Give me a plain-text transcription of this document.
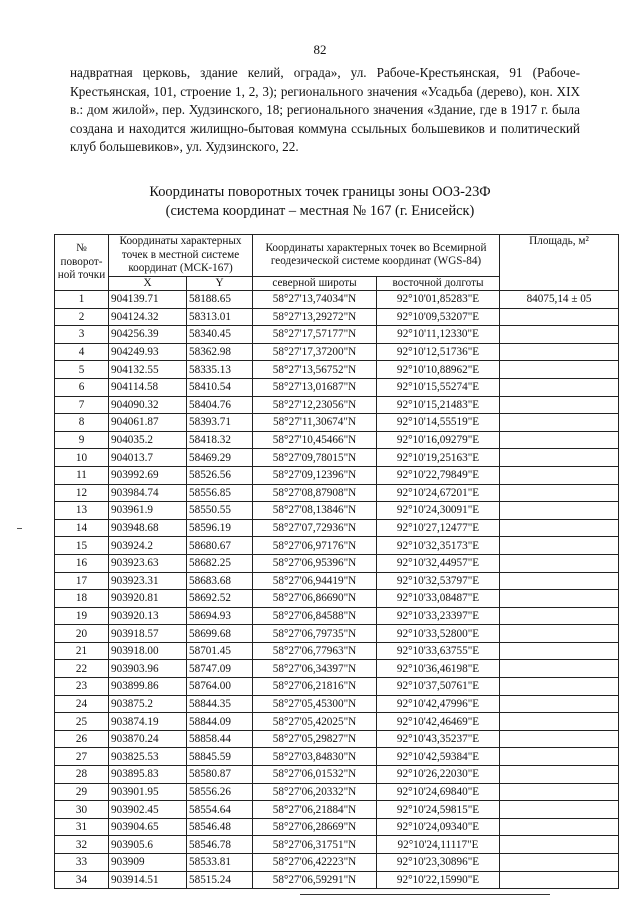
82

надвратная церковь, здание келий, ограда», ул. Рабоче-Крестьянская, 91 (Рабоче-Крестьянская, 101, строение 1, 2, 3); регионального значения «Усадьба (дерево), кон. XIX в.: дом жилой», пер. Худзинского, 18; регионального значения «Здание, где в 1917 г. была создана и находится жилищно-бытовая коммуна ссыльных большевиков и политический клуб большевиков», ул. Худзинского, 22.

Координаты поворотных точек границы зоны ООЗ-23Ф
(система координат – местная № 167 (г. Енисейск)
№ поворот-ной точки	Координаты характерных точек в местной системе координат (МСК-167)		Координаты характерных точек во Всемирной геодезической системе координат (WGS-84)		Площадь, м²
	X	Y	северной широты	восточной долготы	
1	904139.71	58188.65	58°27'13,74034"N	92°10'01,85283"E	84075,14 ± 05
2	904124.32	58313.01	58°27'13,29272"N	92°10'09,53207"E	
3	904256.39	58340.45	58°27'17,57177"N	92°10'11,12330"E	
4	904249.93	58362.98	58°27'17,37200"N	92°10'12,51736"E	
5	904132.55	58335.13	58°27'13,56752"N	92°10'10,88962"E	
6	904114.58	58410.54	58°27'13,01687"N	92°10'15,55274"E	
7	904090.32	58404.76	58°27'12,23056"N	92°10'15,21483"E	
8	904061.87	58393.71	58°27'11,30674"N	92°10'14,55519"E	
9	904035.2	58418.32	58°27'10,45466"N	92°10'16,09279"E	
10	904013.7	58469.29	58°27'09,78015"N	92°10'19,25163"E	
11	903992.69	58526.56	58°27'09,12396"N	92°10'22,79849"E	
12	903984.74	58556.85	58°27'08,87908"N	92°10'24,67201"E	
13	903961.9	58550.55	58°27'08,13846"N	92°10'24,30091"E	
14	903948.68	58596.19	58°27'07,72936"N	92°10'27,12477"E	
15	903924.2	58680.67	58°27'06,97176"N	92°10'32,35173"E	
16	903923.63	58682.25	58°27'06,95396"N	92°10'32,44957"E	
17	903923.31	58683.68	58°27'06,94419"N	92°10'32,53797"E	
18	903920.81	58692.52	58°27'06,86690"N	92°10'33,08487"E	
19	903920.13	58694.93	58°27'06,84588"N	92°10'33,23397"E	
20	903918.57	58699.68	58°27'06,79735"N	92°10'33,52800"E	
21	903918.00	58701.45	58°27'06,77963"N	92°10'33,63755"E	
22	903903.96	58747.09	58°27'06,34397"N	92°10'36,46198"E	
23	903899.86	58764.00	58°27'06,21816"N	92°10'37,50761"E	
24	903875.2	58844.35	58°27'05,45300"N	92°10'42,47996"E	
25	903874.19	58844.09	58°27'05,42025"N	92°10'42,46469"E	
26	903870.24	58858.44	58°27'05,29827"N	92°10'43,35237"E	
27	903825.53	58845.59	58°27'03,84830"N	92°10'42,59384"E	
28	903895.83	58580.87	58°27'06,01532"N	92°10'26,22030"E	
29	903901.95	58556.26	58°27'06,20332"N	92°10'24,69840"E	
30	903902.45	58554.64	58°27'06,21884"N	92°10'24,59815"E	
31	903904.65	58546.48	58°27'06,28669"N	92°10'24,09340"E	
32	903905.6	58546.78	58°27'06,31751"N	92°10'24,11117"E	
33	903909	58533.81	58°27'06,42223"N	92°10'23,30896"E	
34	903914.51	58515.24	58°27'06,59291"N	92°10'22,15990"E	
